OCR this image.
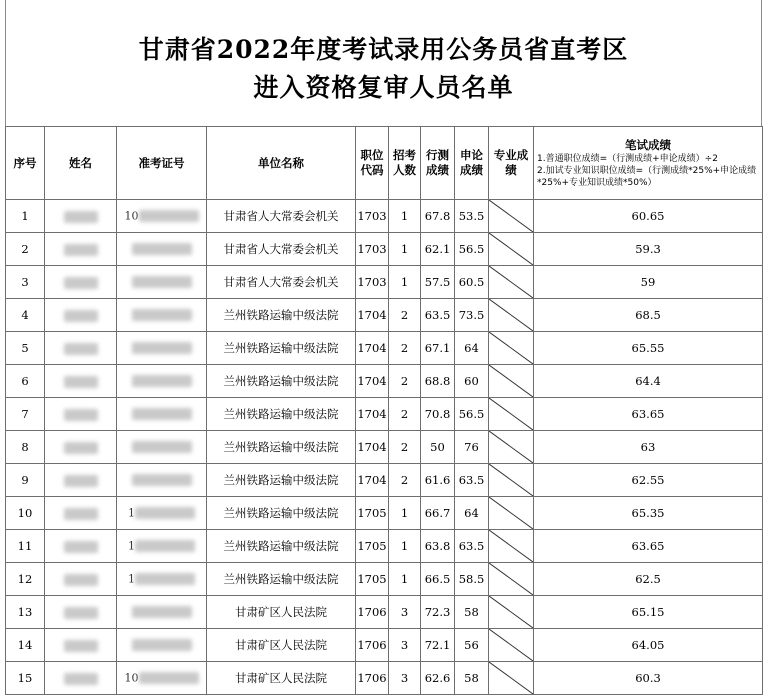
甘肃省2022年度考试录用公务员省直考区
进入资格复审人员名单
序号	姓名	准考证号	单位名称	职位代码	招考人数	行测成绩	申论成绩	专业成绩	笔试成绩
1.普通职位成绩=（行测成绩+申论成绩）÷2
2.加试专业知识职位成绩=（行测成绩*25%+申论成绩*25%+专业知识成绩*50%）

1		10	甘肃省人大常委会机关	1703	1	67.8	53.5		60.65
2			甘肃省人大常委会机关	1703	1	62.1	56.5		59.3
3			甘肃省人大常委会机关	1703	1	57.5	60.5		59
4			兰州铁路运输中级法院	1704	2	63.5	73.5		68.5
5			兰州铁路运输中级法院	1704	2	67.1	64		65.55
6			兰州铁路运输中级法院	1704	2	68.8	60		64.4
7			兰州铁路运输中级法院	1704	2	70.8	56.5		63.65
8			兰州铁路运输中级法院	1704	2	50	76		63
9			兰州铁路运输中级法院	1704	2	61.6	63.5		62.55
10		1	兰州铁路运输中级法院	1705	1	66.7	64		65.35
11		1	兰州铁路运输中级法院	1705	1	63.8	63.5		63.65
12		1	兰州铁路运输中级法院	1705	1	66.5	58.5		62.5
13			甘肃矿区人民法院	1706	3	72.3	58		65.15
14			甘肃矿区人民法院	1706	3	72.1	56		64.05
15		10	甘肃矿区人民法院	1706	3	62.6	58		60.3
